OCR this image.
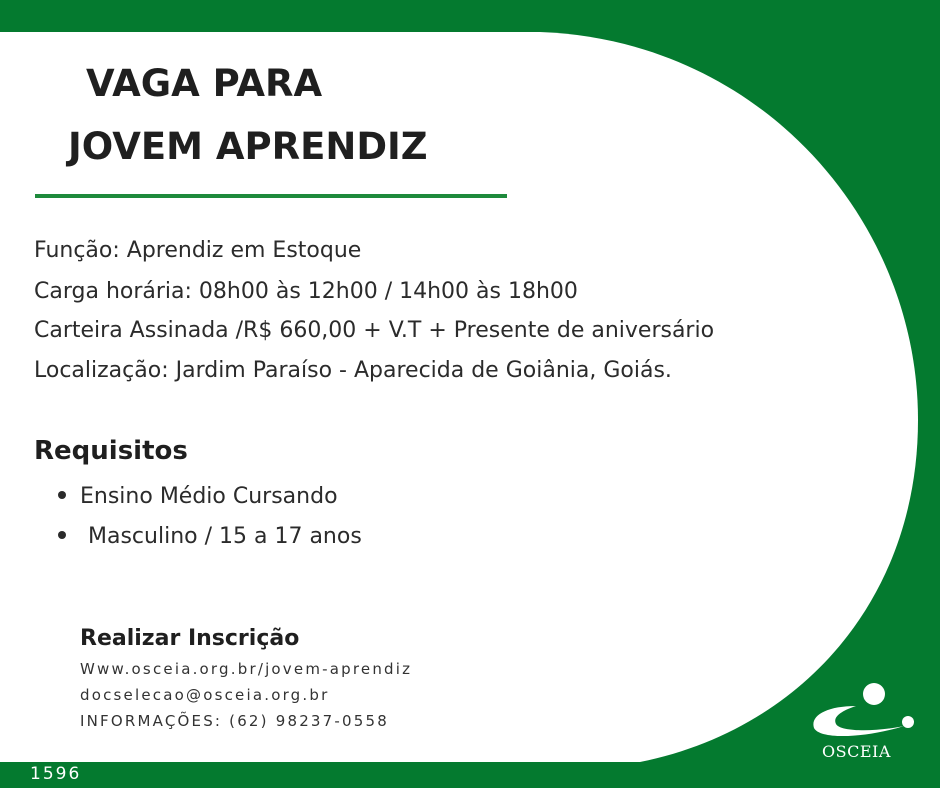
VAGA PARA
JOVEM APRENDIZ
Função: Aprendiz em Estoque
Carga horária: 08h00 às 12h00 / 14h00 às 18h00
Carteira Assinada /R$ 660,00 + V.T + Presente de aniversário
Localização: Jardim Paraíso - Aparecida de Goiânia, Goiás.
Requisitos
Ensino Médio Cursando
Masculino / 15 a 17 anos
Realizar Inscrição
Www.osceia.org.br/jovem-aprendiz
docselecao@osceia.org.br
INFORMAÇÕES: (62) 98237-0558
1596
OSCEIA
